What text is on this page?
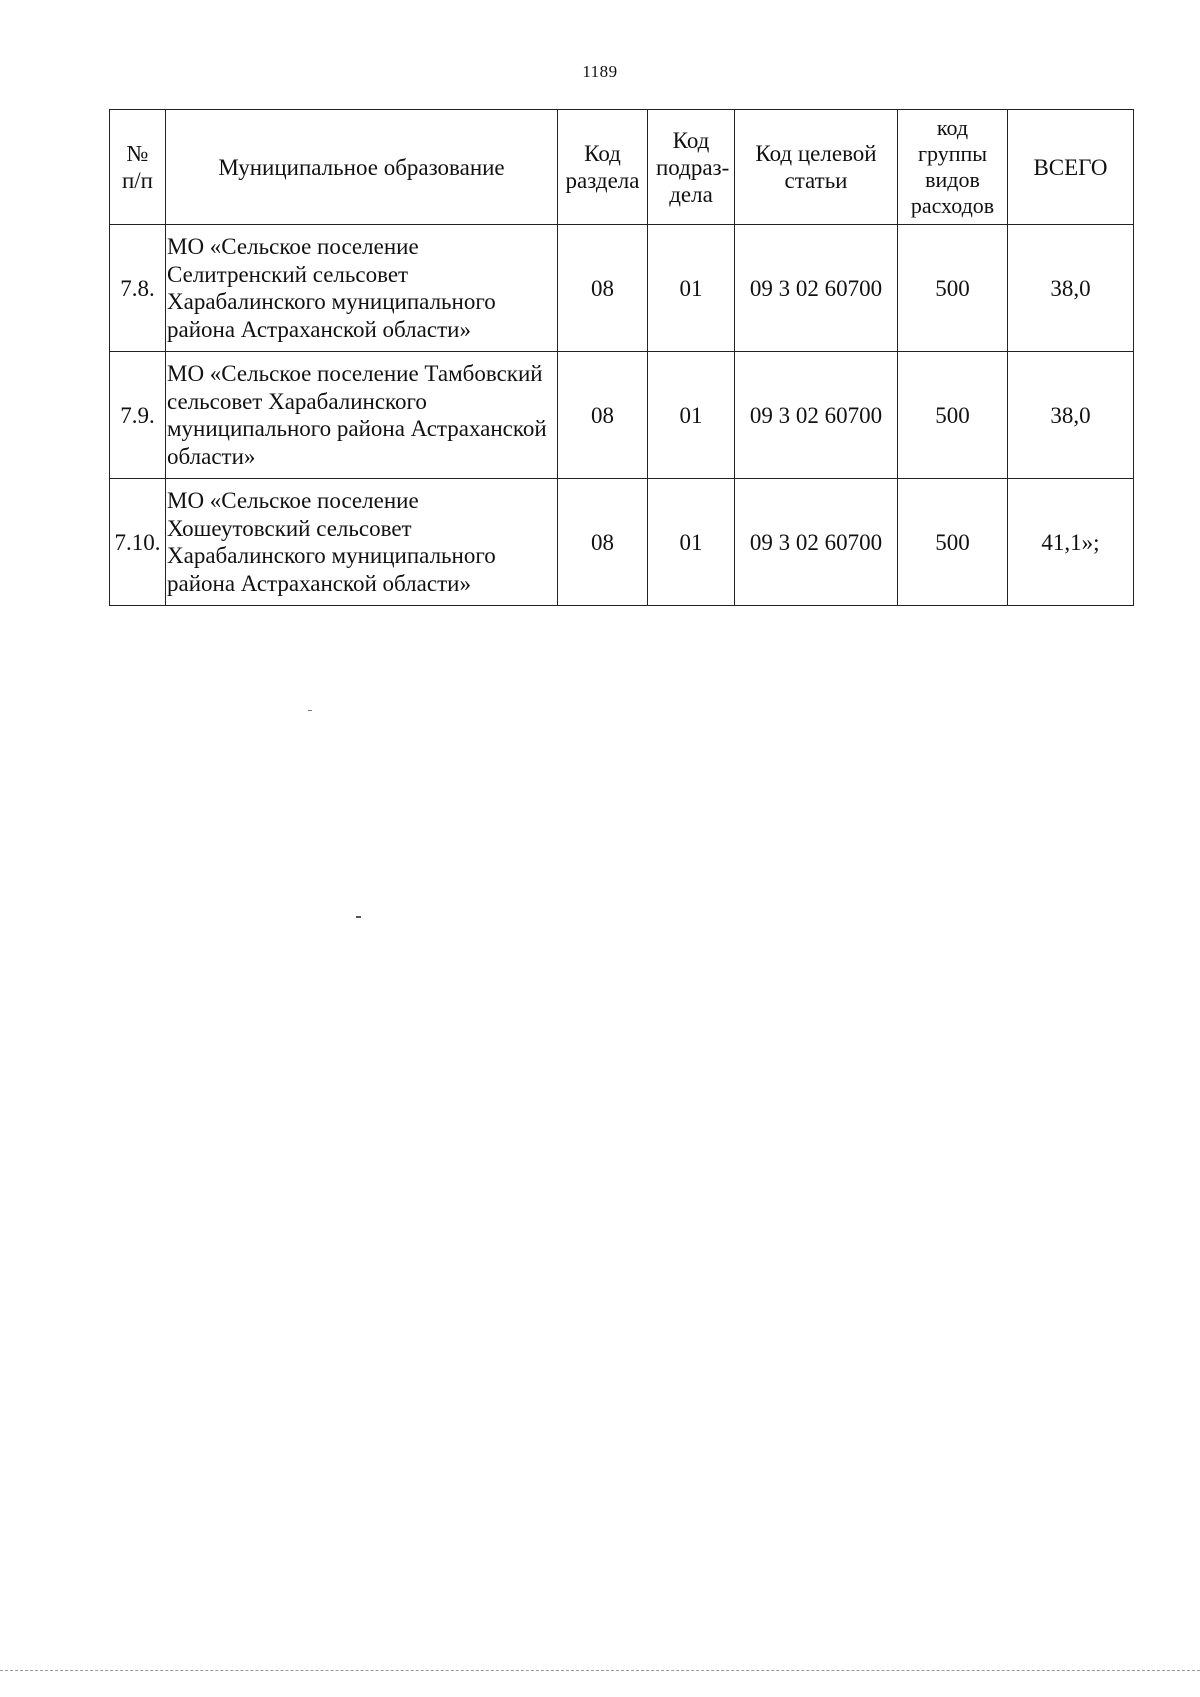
1189
№ п/п	Муниципальное образование	Код раздела	Код подраз-дела	Код целевой статьи	код группы видов расходов	ВСЕГО
7.8.	МО «Сельское поселение Селитренский сельсовет Харабалинского муниципального района Астраханской области»	08	01	09 3 02 60700	500	38,0
7.9.	МО «Сельское поселение Тамбовский сельсовет Харабалинского муниципального района Астраханской области»	08	01	09 3 02 60700	500	38,0
7.10.	МО «Сельское поселение Хошеутовский сельсовет Харабалинского муниципального района Астраханской области»	08	01	09 3 02 60700	500	41,1»;
